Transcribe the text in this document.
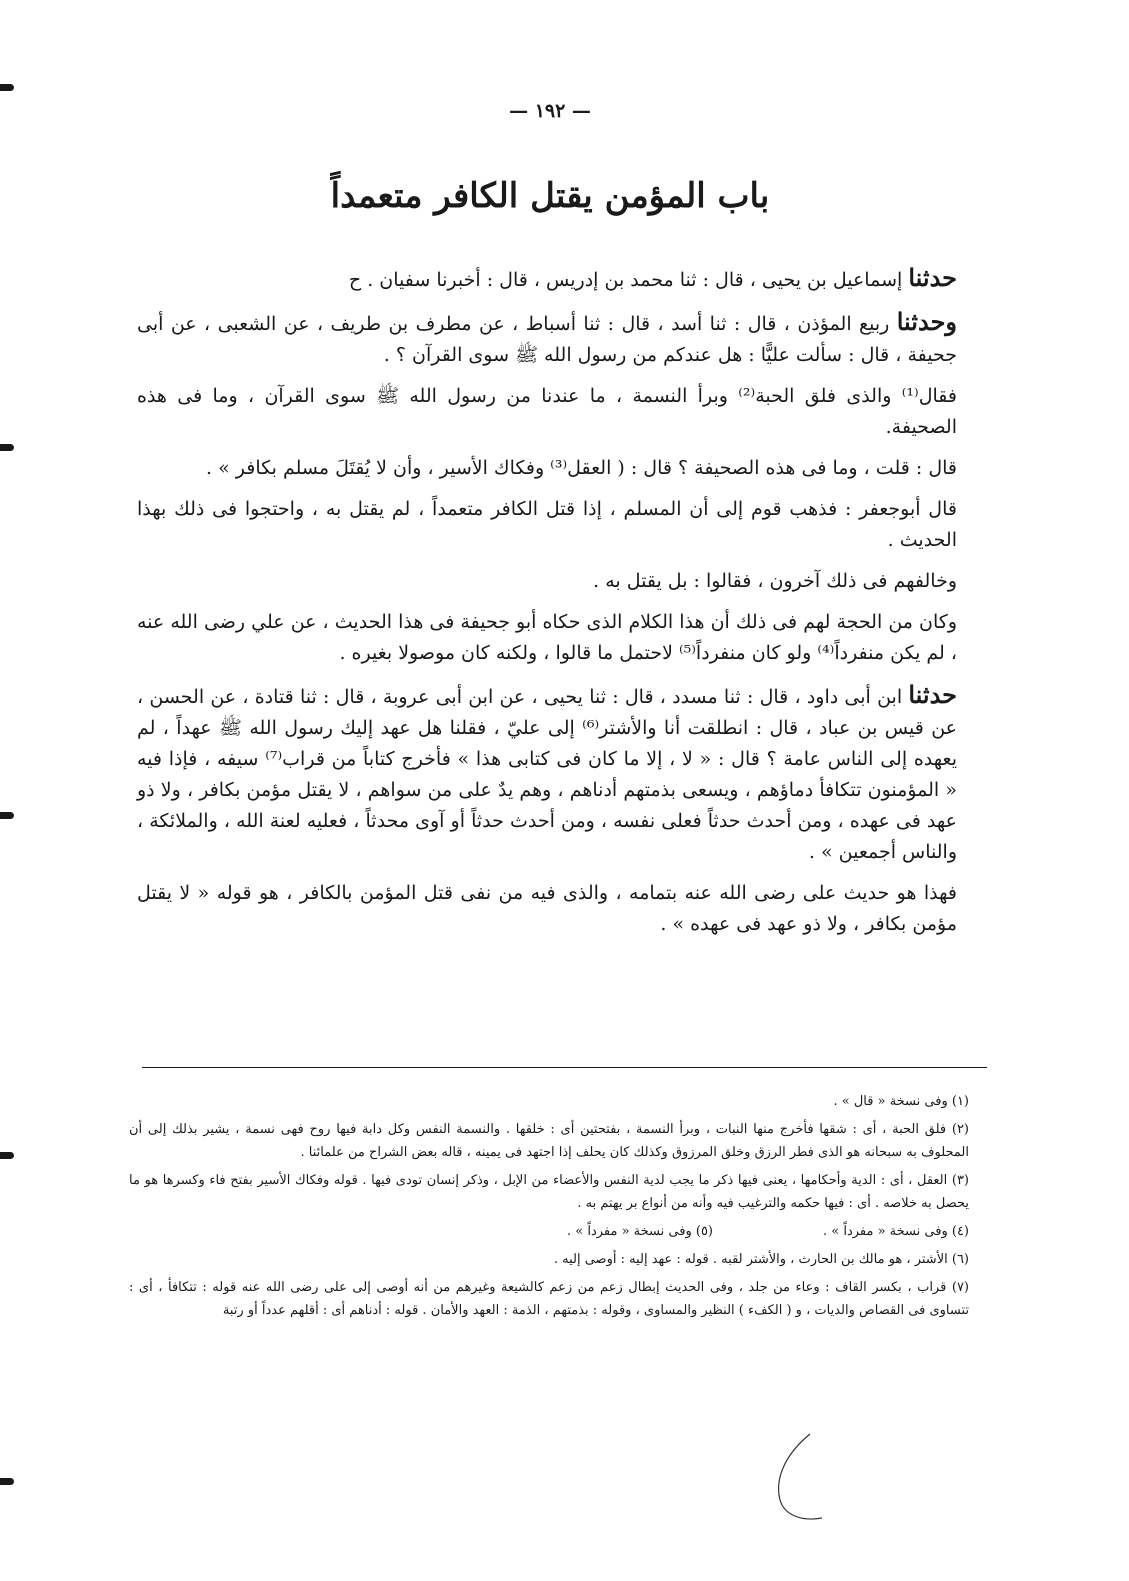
— ١٩٢ —
باب المؤمن يقتل الكافر متعمداً

حدثنا إسماعيل بن يحيى ، قال : ثنا محمد بن إدريس ، قال : أخبرنا سفيان . ح

وحدثنا ربيع المؤذن ، قال : ثنا أسد ، قال : ثنا أسباط ، عن مطرف بن طريف ، عن الشعبى ، عن أبى جحيفة ، قال : سألت عليًّا : هل عندكم من رسول الله ﷺ سوى القرآن ؟ .

فقال⁽¹⁾ والذى فلق الحبة⁽²⁾ وبرأ النسمة ، ما عندنا من رسول الله ﷺ سوى القرآن ، وما فى هذه الصحيفة.

قال : قلت ، وما فى هذه الصحيفة ؟ قال : ( العقل⁽³⁾ وفكاك الأسير ، وأن لا يُقتَلَ مسلم بكافر » .

قال أبوجعفر : فذهب قوم إلى أن المسلم ، إذا قتل الكافر متعمداً ، لم يقتل به ، واحتجوا فى ذلك بهذا الحديث .

وخالفهم فى ذلك آخرون ، فقالوا : بل يقتل به .

وكان من الحجة لهم فى ذلك أن هذا الكلام الذى حكاه أبو جحيفة فى هذا الحديث ، عن علي رضى الله عنه ، لم يكن منفرداً⁽⁴⁾ ولو كان منفرداً⁽⁵⁾ لاحتمل ما قالوا ، ولكنه كان موصولا بغيره .

حدثنا ابن أبى داود ، قال : ثنا مسدد ، قال : ثنا يحيى ، عن ابن أبى عروبة ، قال : ثنا قتادة ، عن الحسن ، عن قيس بن عباد ، قال : انطلقت أنا والأشتر⁽⁶⁾ إلى عليّ ، فقلنا هل عهد إليك رسول الله ﷺ عهداً ، لم يعهده إلى الناس عامة ؟ قال : « لا ، إلا ما كان فى كتابى هذا » فأخرج كتاباً من قراب⁽⁷⁾ سيفه ، فإذا فيه « المؤمنون تتكافأ دماؤهم ، ويسعى بذمتهم أدناهم ، وهم يدٌ على من سواهم ، لا يقتل مؤمن بكافر ، ولا ذو عهد فى عهده ، ومن أحدث حدثاً فعلى نفسه ، ومن أحدث حدثاً أو آوى محدثاً ، فعليه لعنة الله ، والملائكة ، والناس أجمعين » .

فهذا هو حديث على رضى الله عنه بتمامه ، والذى فيه من نفى قتل المؤمن بالكافر ، هو قوله « لا يقتل مؤمن بكافر ، ولا ذو عهد فى عهده » .

(١) وفى نسخة « قال » .

(٢) فلق الحبة ، أى : شقها فأخرج منها النبات ، وبرأ النسمة ، بفتحتين أى : خلقها . والنسمة النفس وكل دابة فيها روح فهى نسمة ، يشير بذلك إلى أن المحلوف به سبحانه هو الذى فطر الرزق وخلق المرزوق وكذلك كان يحلف إذا اجتهد فى يمينه ، قاله بعض الشراح من علمائنا .

(٣) العقل ، أى : الدية وأحكامها ، يعنى فيها ذكر ما يجب لدية النفس والأعضاء من الإبل ، وذكر إنسان تودى فيها . قوله وفكاك الأسير بفتح فاء وكسرها هو ما يحصل به خلاصه . أى : فيها حكمه والترغيب فيه وأنه من أنواع بر يهتم به .

(٤) وفى نسخة « مفرداً » .
(٥) وفى نسخة « مفرداً » .

(٦) الأشتر ، هو مالك بن الحارث ، والأشتر لقبه . قوله : عهد إليه : أوصى إليه .

(٧) قراب ، بكسر القاف : وعاء من جلد ، وفى الحديث إبطال زعم من زعم كالشيعة وغيرهم من أنه أوصى إلى على رضى الله عنه قوله : تتكافأ ، أى : تتساوى فى القصاص والديات ، و ( الكفء ) النظير والمساوى ، وقوله : بذمتهم ، الذمة : العهد والأمان . قوله : أدناهم أى : أقلهم عدداً أو رتبة
